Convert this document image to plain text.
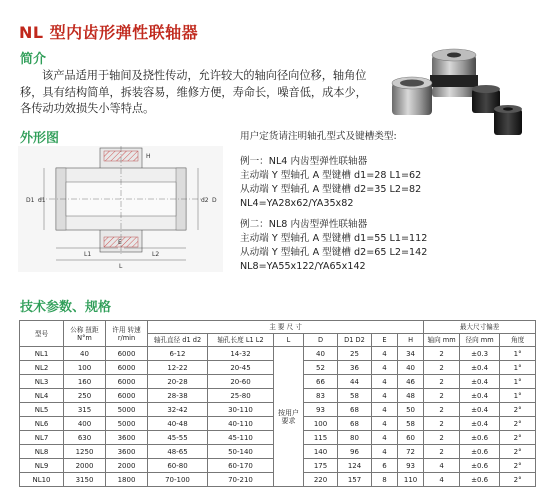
NL 型内齿形弹性联轴器
简介

该产品适用于轴间及挠性传动，允许较大的轴向径向位移，轴角位移，具有结构简单，拆装容易，维修方便，寿命长，噪音低，成本少，各传动功效损失小等特点。

外形图
d1	d2
D1	D
E
L1	L2
L
H
用户定货请注明轴孔型式及键槽类型:
例一：NL4 内齿型弹性联轴器
主动端 Y 型轴孔 A 型键槽 d1=28 L1=62
从动端 Y 型轴孔 A 型键槽 d2=35 L2=82
NL4=YA28x62/YA35x82
例二：NL8 内齿型弹性联轴器
主动端 Y 型轴孔 A 型键槽 d1=55 L1=112
从动端 Y 型轴孔 A 型键槽 d2=65 L2=142
NL8=YA55x122/YA65x142
技术参数、规格
型号	公称 扭距 N°m	许用 转速 r/min	主 要 尺 寸							最大尺寸偏差		
			轴孔直径 d1 d2	轴孔长度 L1 L2	L	D	D1 D2	E	H	轴向 mm	径向 mm	角度
NL1	40	6000	6-12	14-32	按用户要求	40	25	4	34	2	±0.3	1°
NL2	100	6000	12-22	20-45		52	36	4	40	2	±0.4	1°
NL3	160	6000	20-28	20-60		66	44	4	46	2	±0.4	1°
NL4	250	6000	28-38	25-80		83	58	4	48	2	±0.4	1°
NL5	315	5000	32-42	30-110		93	68	4	50	2	±0.4	2°
NL6	400	5000	40-48	40-110		100	68	4	58	2	±0.4	2°
NL7	630	3600	45-55	45-110		115	80	4	60	2	±0.6	2°
NL8	1250	3600	48-65	50-140		140	96	4	72	2	±0.6	2°
NL9	2000	2000	60-80	60-170		175	124	6	93	4	±0.6	2°
NL10	3150	1800	70-100	70-210		220	157	8	110	4	±0.6	2°
